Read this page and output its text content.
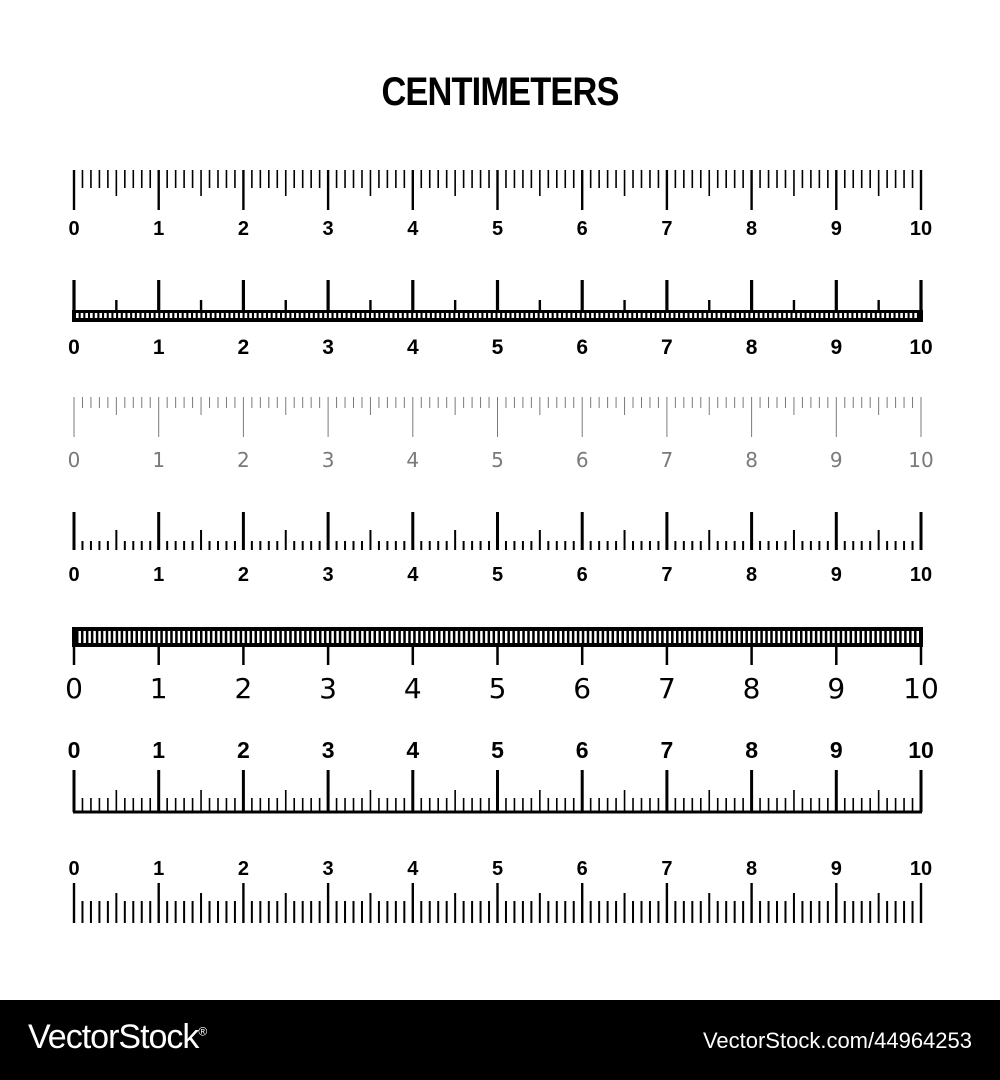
CENTIMETERS
0	1	2	3	4	5	6	7	8	9	10
0	1	2	3	4	5	6	7	8	9	10
0	1	2	3	4	5	6	7	8	9	10
0	1	2	3	4	5	6	7	8	9	10
0 1 2 3 4 5 6 7 8 9 10
0	1	2	3	4	5	6	7	8	9	10
0	1	2	3	4	5	6	7	8	9	10
VectorStock®	VectorStock.com/44964253
